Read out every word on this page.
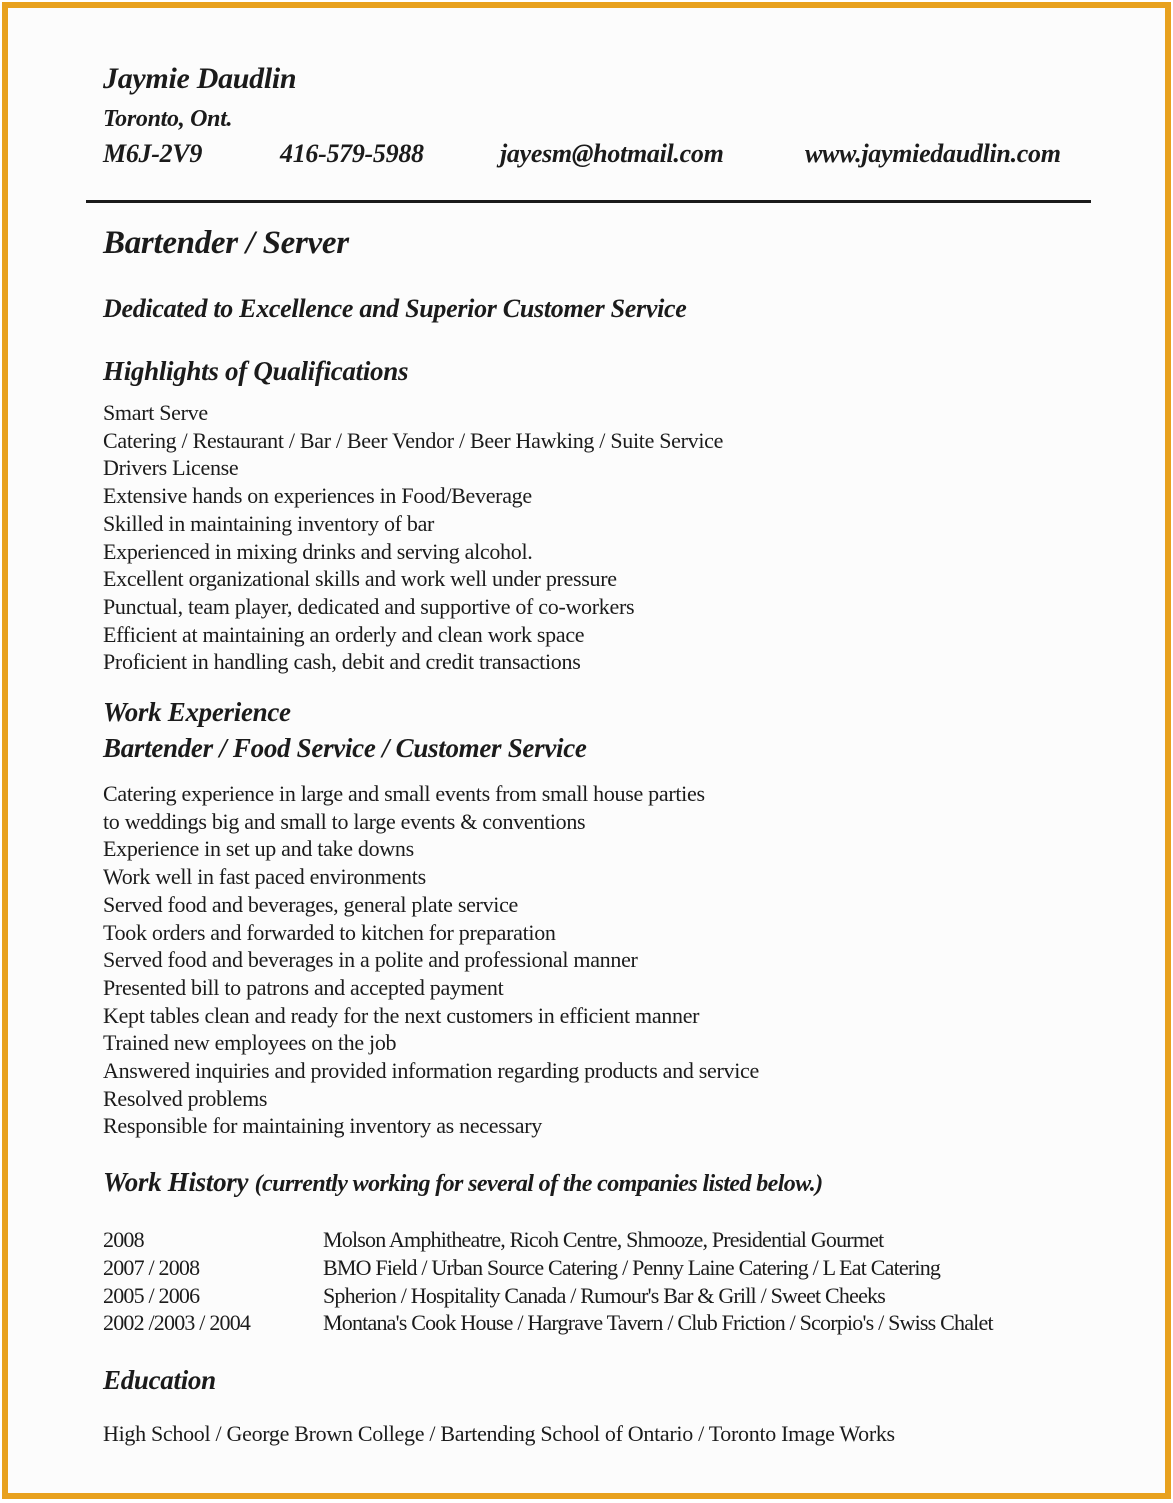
Jaymie Daudlin
Toronto, Ont.
M6J-2V9	416-579-5988	jayesm@hotmail.com	www.jaymiedaudlin.com
Bartender / Server
Dedicated to Excellence and Superior Customer Service
Highlights of Qualifications
Smart Serve
Catering / Restaurant / Bar / Beer Vendor / Beer Hawking / Suite Service
Drivers License
Extensive hands on experiences in Food/Beverage
Skilled in maintaining inventory of bar
Experienced in mixing drinks and serving alcohol.
Excellent organizational skills and work well under pressure
Punctual, team player, dedicated and supportive of co-workers
Efficient at maintaining an orderly and clean work space
Proficient in handling cash, debit and credit transactions
Work Experience
Bartender / Food Service / Customer Service
Catering experience in large and small events from small house parties
to weddings big and small to large events & conventions
Experience in set up and take downs
Work well in fast paced environments
Served food and beverages, general plate service
Took orders and forwarded to kitchen for preparation
Served food and beverages in a polite and professional manner
Presented bill to patrons and accepted payment
Kept tables clean and ready for the next customers in efficient manner
Trained new employees on the job
Answered inquiries and provided information regarding products and service
Resolved problems
Responsible for maintaining inventory as necessary
Work History (currently working for several of the companies listed below.)
2008	Molson Amphitheatre, Ricoh Centre, Shmooze, Presidential Gourmet
2007 / 2008	BMO Field / Urban Source Catering / Penny Laine Catering / L Eat Catering
2005 / 2006	Spherion / Hospitality Canada / Rumour's Bar & Grill / Sweet Cheeks
2002 /2003 / 2004	Montana's Cook House / Hargrave Tavern / Club Friction / Scorpio's / Swiss Chalet
Education

High School / George Brown College / Bartending School of Ontario / Toronto Image Works
